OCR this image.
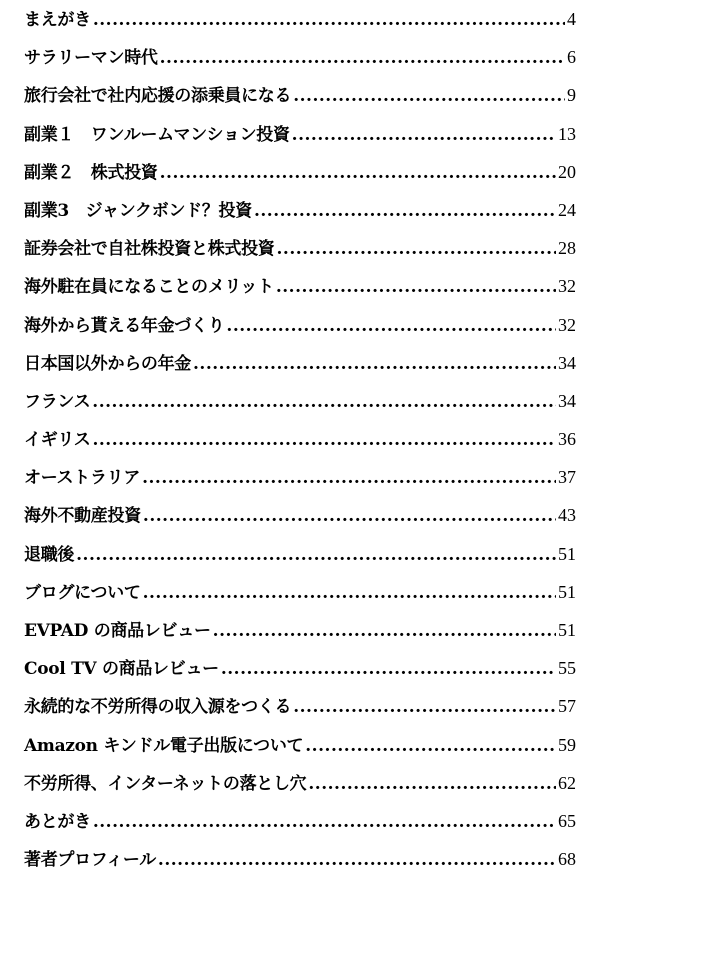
まえがき .....	4
サラリーマン時代 .....	6
旅行会社で社内応援の添乗員になる .....	9
副業１　ワンルームマンション投資 .....	13
副業２　株式投資 .....	20
副業3　ジャンクボンド？投資 .....	24
証券会社で自社株投資と株式投資 .....	28
海外駐在員になることのメリット .....	32
海外から貰える年金づくり .....	32
日本国以外からの年金 .....	34
フランス .....	34
イギリス .....	36
オーストラリア .....	37
海外不動産投資 .....	43
退職後 .....	51
ブログについて .....	51
EVPAD の商品レビュー .....	51
Cool TV の商品レビュー .....	55
永続的な不労所得の収入源をつくる .....	57
Amazon キンドル電子出版について .....	59
不労所得、インターネットの落とし穴 .....	62
あとがき .....	65
著者プロフィール .....	68
